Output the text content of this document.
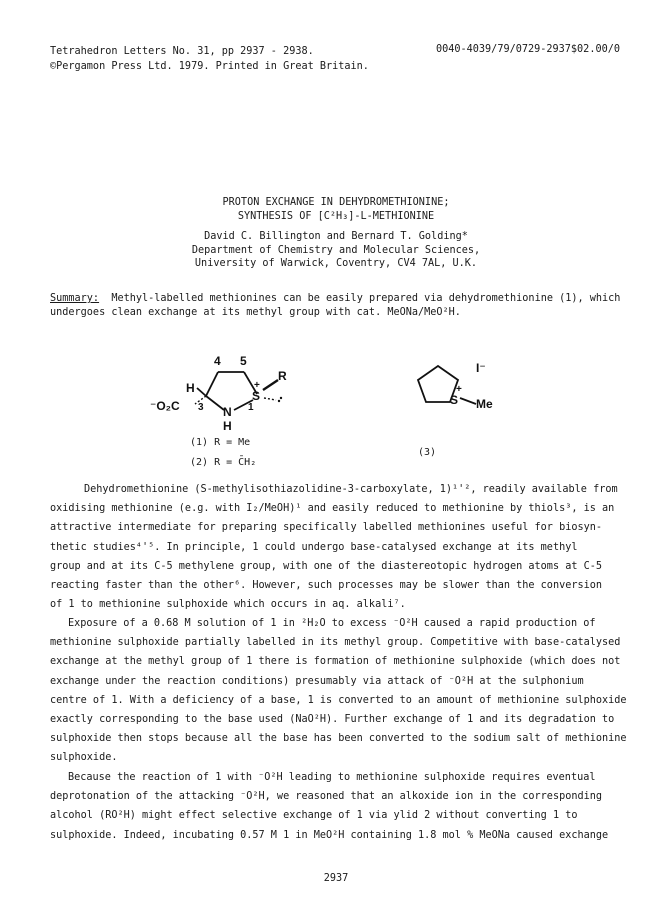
Tetrahedron Letters No. 31, pp 2937 - 2938.
©Pergamon Press Ltd. 1979. Printed in Great Britain.
0040-4039/79/0729-2937$02.00/0
PROTON EXCHANGE IN DEHYDROMETHIONINE;
SYNTHESIS OF [C²H₃]-L-METHIONINE
David C. Billington and Bernard T. Golding*
Department of Chemistry and Molecular Sciences,
University of Warwick, Coventry, CV4 7AL, U.K.
Summary: Methyl-labelled methionines can be easily prepared via dehydromethionine (1), which
undergoes clean exchange at its methyl group with cat. MeONa/MeO²H.
4 5
H
R
S
+
1
3
⁻O₂C	N
H
S
+
Me
I⁻
(1) R = Me
(2) R = C̄H₂
(3)
Dehydromethionine (S-methylisothiazolidine-3-carboxylate, 1)¹'², readily available from
oxidising methionine (e.g. with I₂/MeOH)¹ and easily reduced to methionine by thiols³, is an
attractive intermediate for preparing specifically labelled methionines useful for biosyn-
thetic studies⁴'⁵. In principle, 1 could undergo base-catalysed exchange at its methyl
group and at its C-5 methylene group, with one of the diastereotopic hydrogen atoms at C-5
reacting faster than the other⁶. However, such processes may be slower than the conversion
of 1 to methionine sulphoxide which occurs in aq. alkali⁷.
Exposure of a 0.68 M solution of 1 in ²H₂O to excess ⁻O²H caused a rapid production of
methionine sulphoxide partially labelled in its methyl group. Competitive with base-catalysed
exchange at the methyl group of 1 there is formation of methionine sulphoxide (which does not
exchange under the reaction conditions) presumably via attack of ⁻O²H at the sulphonium
centre of 1. With a deficiency of a base, 1 is converted to an amount of methionine sulphoxide
exactly corresponding to the base used (NaO²H). Further exchange of 1 and its degradation to
sulphoxide then stops because all the base has been converted to the sodium salt of methionine
sulphoxide.
Because the reaction of 1 with ⁻O²H leading to methionine sulphoxide requires eventual
deprotonation of the attacking ⁻O²H, we reasoned that an alkoxide ion in the corresponding
alcohol (RO²H) might effect selective exchange of 1 via ylid 2 without converting 1 to
sulphoxide. Indeed, incubating 0.57 M 1 in MeO²H containing 1.8 mol % MeONa caused exchange
2937
